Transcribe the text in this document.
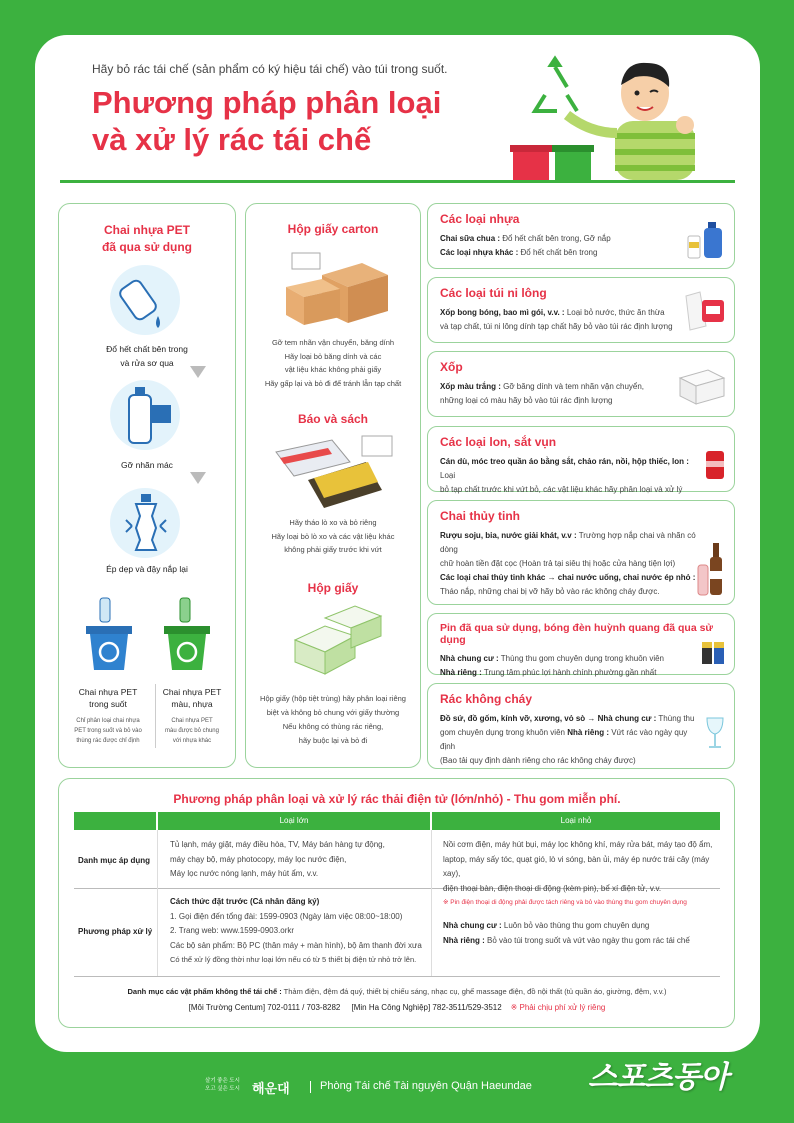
Hãy bỏ rác tái chế (sản phẩm có ký hiệu tái chế) vào túi trong suốt.
Phương pháp phân loại
và xử lý rác tái chế
Chai nhựa PET
đã qua sử dụng
Đổ hết chất bên trong
và rửa sơ qua
Gỡ nhãn mác
Ép dẹp và đậy nắp lại
Chai nhựa PET
trong suốt
Chai nhựa PET
màu, nhựa
Chỉ phân loại chai nhựa
PET trong suốt và bỏ vào
thùng rác được chỉ định
Chai nhựa PET
màu được bỏ chung
với nhựa khác
Hộp giấy carton
Gỡ tem nhãn vận chuyển, băng dính
Hãy loại bỏ băng dính và các
vật liệu khác không phải giấy
Hãy gấp lại và bỏ đi để tránh lẫn tạp chất
Báo và sách
Hãy tháo lò xo và bỏ riêng
Hãy loại bỏ lò xo và các vật liệu khác
không phải giấy trước khi vứt
Hộp giấy
Hộp giấy (hộp tiệt trùng) hãy phân loại riêng
biệt và không bỏ chung với giấy thường
Nếu không có thùng rác riêng,
hãy buộc lại và bỏ đi
Các loại nhựa
Chai sữa chua : Đổ hết chất bên trong, Gỡ nắp
Các loại nhựa khác : Đổ hết chất bên trong
Các loại túi ni lông
Xốp bong bóng, bao mì gói, v.v. : Loại bỏ nước, thức ăn thừa
và tạp chất, túi ni lông dính tạp chất hãy bỏ vào túi rác định lượng
Xốp
Xốp màu trắng : Gỡ băng dính và tem nhãn vận chuyển,
những loại có màu hãy bỏ vào túi rác định lượng
Các loại lon, sắt vụn
Cán dù, móc treo quần áo bằng sắt, chảo rán, nồi, hộp thiếc, lon : Loại
bỏ tạp chất trước khi vứt bỏ, các vật liệu khác hãy phân loại và xử lý
Chai thủy tinh
Rượu soju, bia, nước giải khát, v.v : Trường hợp nắp chai và nhãn có dòng
chữ hoàn tiền đặt cọc (Hoàn trả tại siêu thị hoặc cửa hàng tiện lợi)
Các loại chai thủy tinh khác → chai nước uống, chai nước ép nhỏ :
Tháo nắp, những chai bị vỡ hãy bỏ vào rác không cháy được.
Pin đã qua sử dụng, bóng đèn huỳnh quang đã qua sử dụng
Nhà chung cư : Thùng thu gom chuyên dụng trong khuôn viên
Nhà riêng : Trung tâm phúc lợi hành chính phường gần nhất
Rác không cháy
Đồ sứ, đồ gốm, kính vỡ, xương, vỏ sò → Nhà chung cư : Thùng thu
gom chuyên dụng trong khuôn viên Nhà riêng : Vứt rác vào ngày quy định
(Bao tải quy định dành riêng cho rác không cháy được)
Phương pháp phân loại và xử lý rác thải điện tử (lớn/nhỏ) - Thu gom miễn phí.
Loại lớn	Loại nhỏ
Danh mục áp dụng
Phương pháp xử lý
Tủ lạnh, máy giặt, máy điều hòa, TV, Máy bán hàng tự động,
máy chạy bộ, máy photocopy, máy lọc nước điện,
Máy lọc nước nóng lạnh, máy hút ẩm, v.v.
Nồi cơm điện, máy hút bụi, máy lọc không khí, máy rửa bát, máy tạo độ ẩm,
laptop, máy sấy tóc, quạt gió, lò vi sóng, bàn ủi, máy ép nước trái cây (máy xay),
điện thoại bàn, điện thoại di động (kèm pin), bể xí điện tử, v.v.
※ Pin điện thoại di động phải được tách riêng và bỏ vào thùng thu gom chuyên dụng
Cách thức đặt trước (Cá nhân đăng ký)
1. Gọi điện đến tổng đài: 1599-0903 (Ngày làm việc 08:00~18:00)
2. Trang web: www.1599-0903.orkr
Các bộ sản phẩm: Bộ PC (thân máy + màn hình), bộ âm thanh đời xưa
Có thể xử lý đồng thời như loại lớn nếu có từ 5 thiết bị điện tử nhỏ trở lên.
Nhà chung cư : Luôn bỏ vào thùng thu gom chuyên dụng
Nhà riêng : Bỏ vào túi trong suốt và vứt vào ngày thu gom rác tái chế
Danh mục các vật phẩm không thể tái chế : Thảm điện, đệm đá quý, thiết bị chiếu sáng, nhạc cụ, ghế massage điện, đồ nội thất (tủ quần áo, giường, đệm, v.v.)
[Môi Trường Centum] 702-0111 / 703-8282 [Min Ha Công Nghiệp] 782-3511/529-3512 ※ Phải chịu phí xử lý riêng
살기 좋은 도시
오고 싶은 도시 해운대	Phòng Tái chế Tài nguyên Quận Haeundae 스포츠동아
